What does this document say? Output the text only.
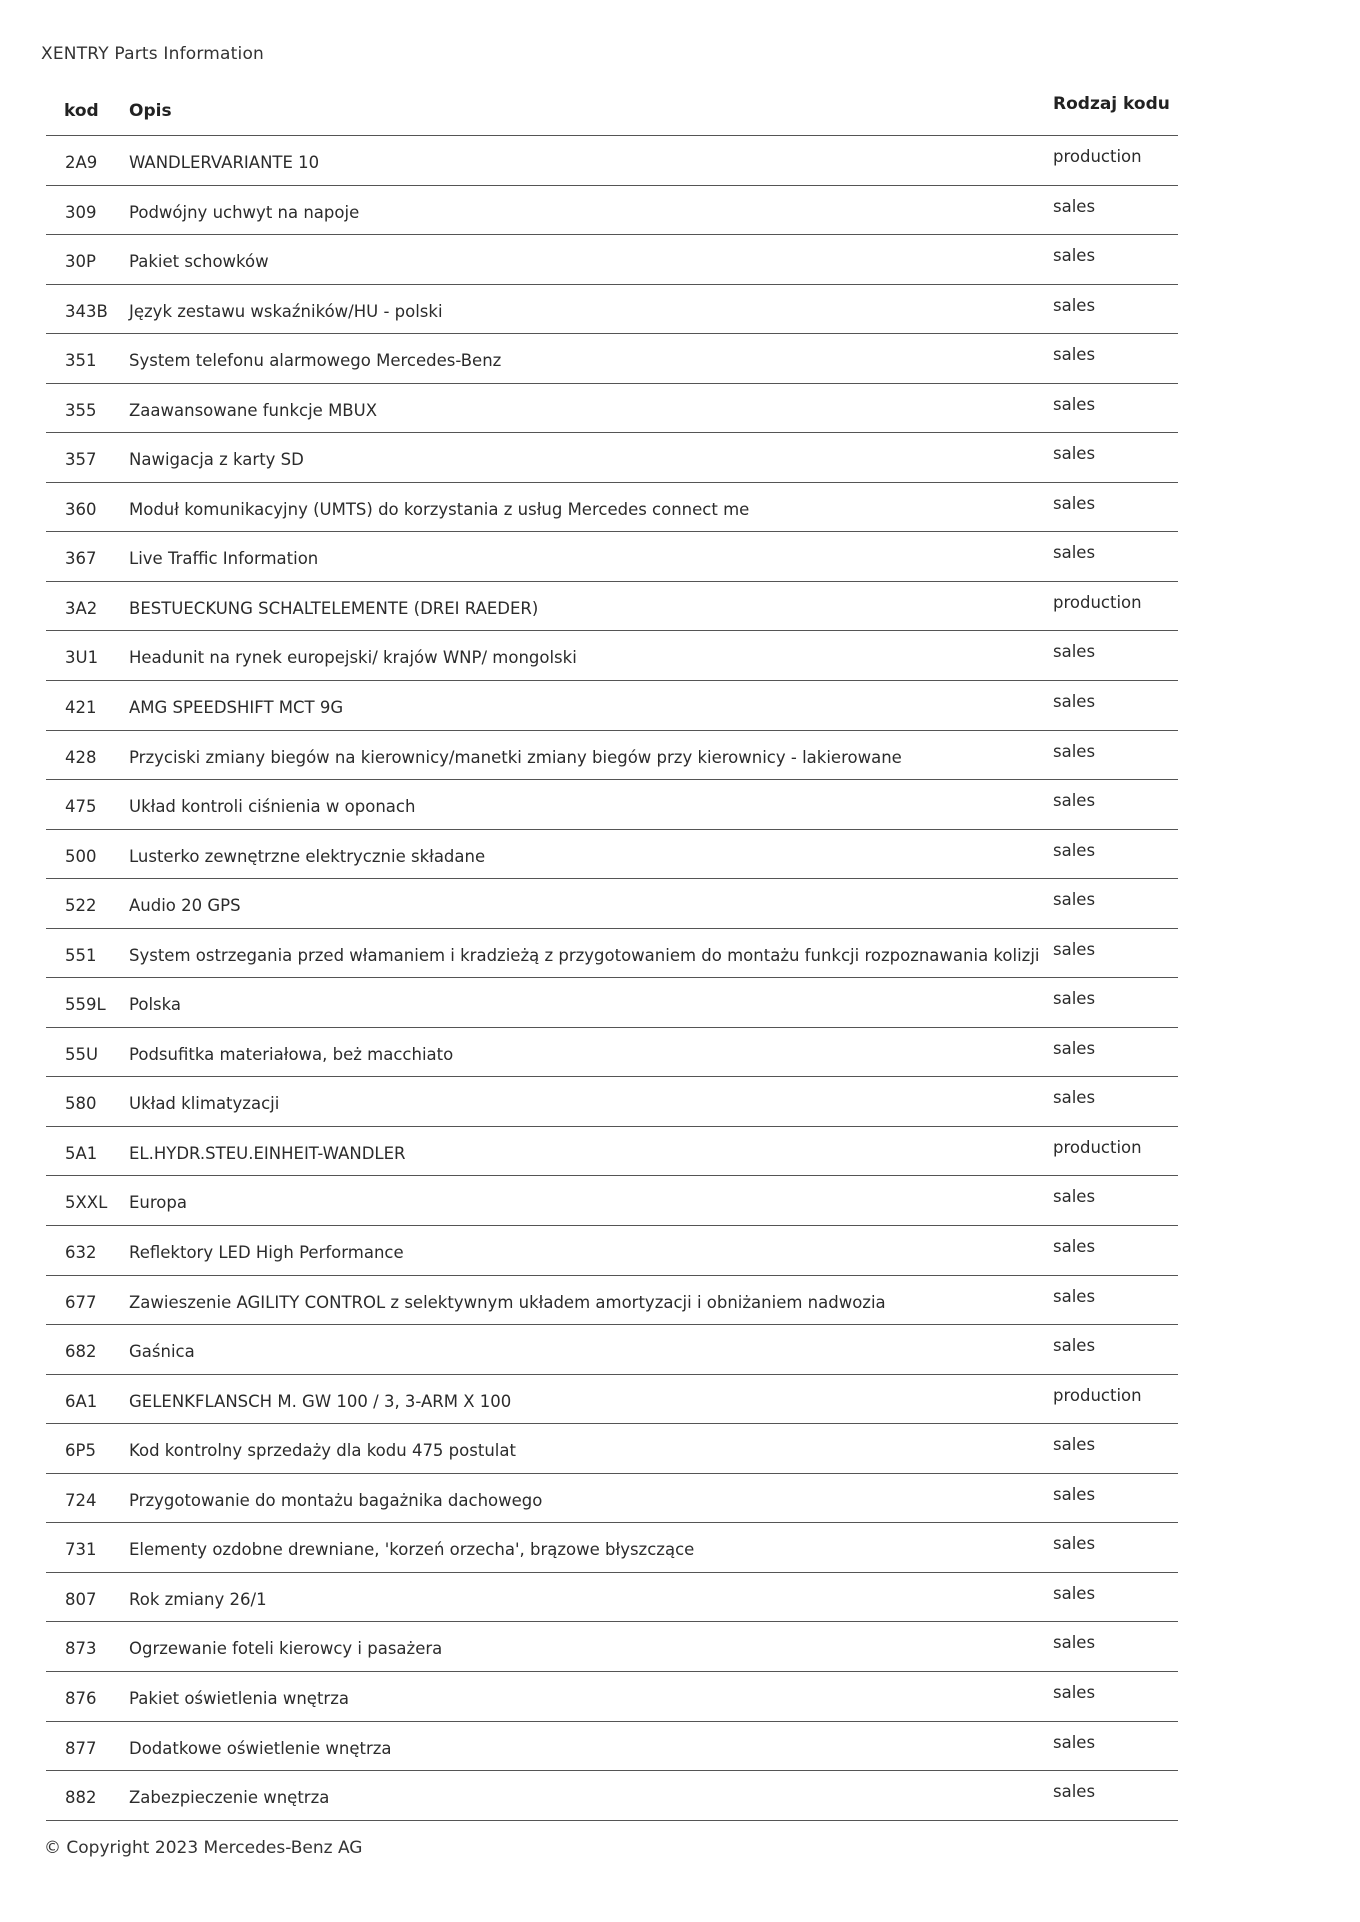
XENTRY Parts Information
kod Opis	Rodzaj kodu
2A9 WANDLERVARIANTE 10	production
309 Podwójny uchwyt na napoje	sales
30P Pakiet schowków	sales
343B Język zestawu wskaźników/HU - polski	sales
351 System telefonu alarmowego Mercedes-Benz	sales
355 Zaawansowane funkcje MBUX	sales
357 Nawigacja z karty SD	sales
360 Moduł komunikacyjny (UMTS) do korzystania z usług Mercedes connect me	sales
367 Live Traffic Information	sales
3A2 BESTUECKUNG SCHALTELEMENTE (DREI RAEDER)	production
3U1 Headunit na rynek europejski/ krajów WNP/ mongolski	sales
421 AMG SPEEDSHIFT MCT 9G	sales
428 Przyciski zmiany biegów na kierownicy/manetki zmiany biegów przy kierownicy - lakierowane	sales
475 Układ kontroli ciśnienia w oponach	sales
500 Lusterko zewnętrzne elektrycznie składane	sales
522 Audio 20 GPS	sales
551 System ostrzegania przed włamaniem i kradzieżą z przygotowaniem do montażu funkcji rozpoznawania kolizji sales
559L Polska	sales
55U Podsufitka materiałowa, beż macchiato	sales
580 Układ klimatyzacji	sales
5A1 EL.HYDR.STEU.EINHEIT-WANDLER	production
5XXL Europa	sales
632 Reflektory LED High Performance	sales
677 Zawieszenie AGILITY CONTROL z selektywnym układem amortyzacji i obniżaniem nadwozia	sales
682 Gaśnica	sales
6A1 GELENKFLANSCH M. GW 100 / 3, 3-ARM X 100	production
6P5 Kod kontrolny sprzedaży dla kodu 475 postulat	sales
724 Przygotowanie do montażu bagażnika dachowego	sales
731 Elementy ozdobne drewniane, 'korzeń orzecha', brązowe błyszczące	sales
807 Rok zmiany 26/1	sales
873 Ogrzewanie foteli kierowcy i pasażera	sales
876 Pakiet oświetlenia wnętrza	sales
877 Dodatkowe oświetlenie wnętrza	sales
882 Zabezpieczenie wnętrza	sales
© Copyright 2023 Mercedes-Benz AG
